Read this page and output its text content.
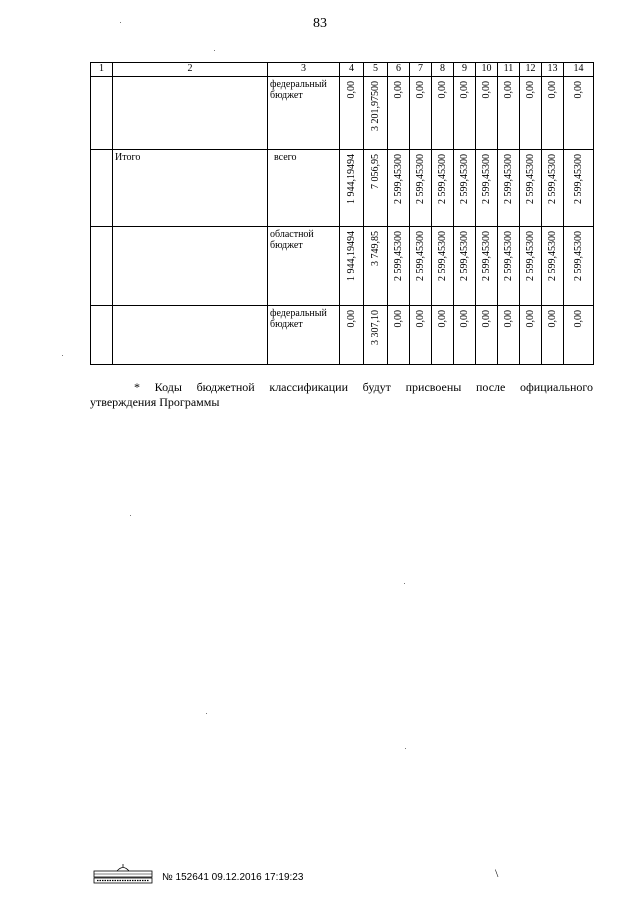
83
1	2	3	4	5	6	7	8	9	10	11	12	13	14

		федеральный бюджет	0,00	3 201,97500	0,00	0,00	0,00	0,00	0,00	0,00	0,00	0,00	0,00

	Итого	всего	1 944,19494	7 056,95	2 599,45300	2 599,45300	2 599,45300	2 599,45300	2 599,45300	2 599,45300	2 599,45300	2 599,45300	2 599,45300

		областной бюджет	1 944,19494	3 749,85	2 599,45300	2 599,45300	2 599,45300	2 599,45300	2 599,45300	2 599,45300	2 599,45300	2 599,45300	2 599,45300

		федеральный бюджет	0,00	3 307,10	0,00	0,00	0,00	0,00	0,00	0,00	0,00	0,00	0,00
* Коды бюджетной классификации будут присвоены после официального
утверждения Программы
№ 152641 09.12.2016 17:19:23	\
